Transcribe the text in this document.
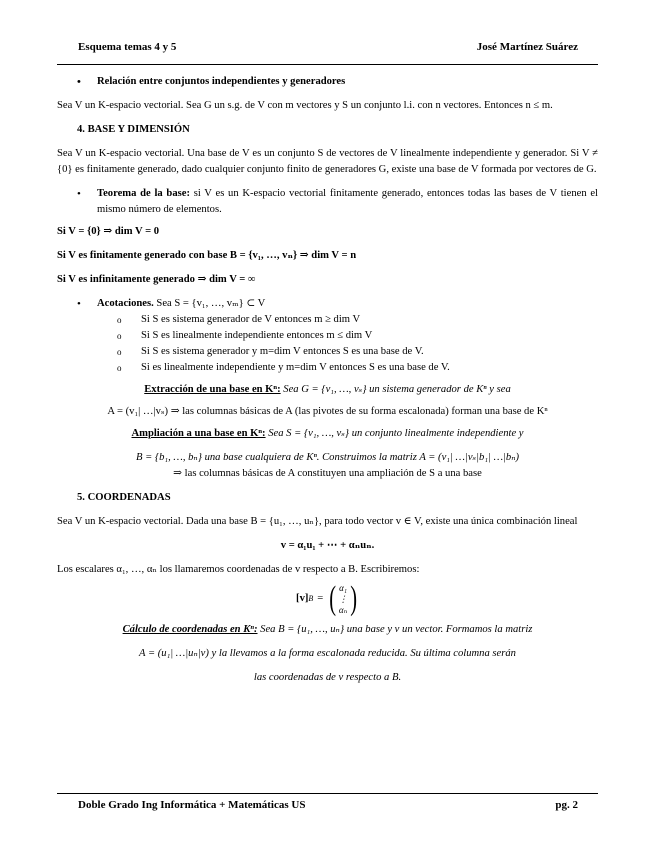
Esquema temas 4 y 5	José Martínez Suárez
• Relación entre conjuntos independientes y generadores
Sea V un K-espacio vectorial. Sea G un s.g. de V con m vectores y S un conjunto l.i. con n vectores. Entonces n ≤ m.
4. BASE Y DIMENSIÓN
Sea V un K-espacio vectorial. Una base de V es un conjunto S de vectores de V linealmente independiente y generador. Si V ≠ {0} es finitamente generado, dado cualquier conjunto finito de generadores G, existe una base de V formada por vectores de G.
• Teorema de la base: si V es un K-espacio vectorial finitamente generado, entonces todas las bases de V tienen el mismo número de elementos.
Si V = {0} ⇒ dim V = 0
Si V es finitamente generado con base B = {v₁, …, vₙ} ⇒ dim V = n
Si V es infinitamente generado ⇒ dim V = ∞
• Acotaciones. Sea S = {v₁, …, vₘ} ⊂ V
o Si S es sistema generador de V entonces m ≥ dim V
o Si S es linealmente independiente entonces m ≤ dim V
o Si S es sistema generador y m=dim V entonces S es una base de V.
o Si es linealmente independiente y m=dim V entonces S es una base de V.
Extracción de una base en Kⁿ: Sea G = {v₁, …, vₛ} un sistema generador de Kⁿ y sea
A = (v₁| …|vₛ) ⇒ las columnas básicas de A (las pivotes de su forma escalonada) forman una base de Kⁿ
Ampliación a una base en Kⁿ: Sea S = {v₁, …, vₛ} un conjunto linealmente independiente y
B = {b₁, …, bₙ} una base cualquiera de Kⁿ. Construimos la matriz A = (v₁| …|vₛ|b₁| …|bₙ)
⇒ las columnas básicas de A constituyen una ampliación de S a una base
5. COORDENADAS
Sea V un K-espacio vectorial. Dada una base B = {u₁, …, uₙ}, para todo vector v ∈ V, existe una única combinación lineal
v = α₁u₁ + ⋯ + αₙuₙ.
Los escalares α₁, …, αₙ los llamaremos coordenadas de v respecto a B. Escribiremos:
[v] B = ( α₁
⋮
αₙ )
Cálculo de coordenadas en Kⁿ: Sea B = {u₁, …, uₙ} una base y v un vector. Formamos la matriz
A = (u₁| …|uₙ|v) y la llevamos a la forma escalonada reducida. Su última columna serán
las coordenadas de v respecto a B.
Doble Grado Ing Informática + Matemáticas US	pg. 2
